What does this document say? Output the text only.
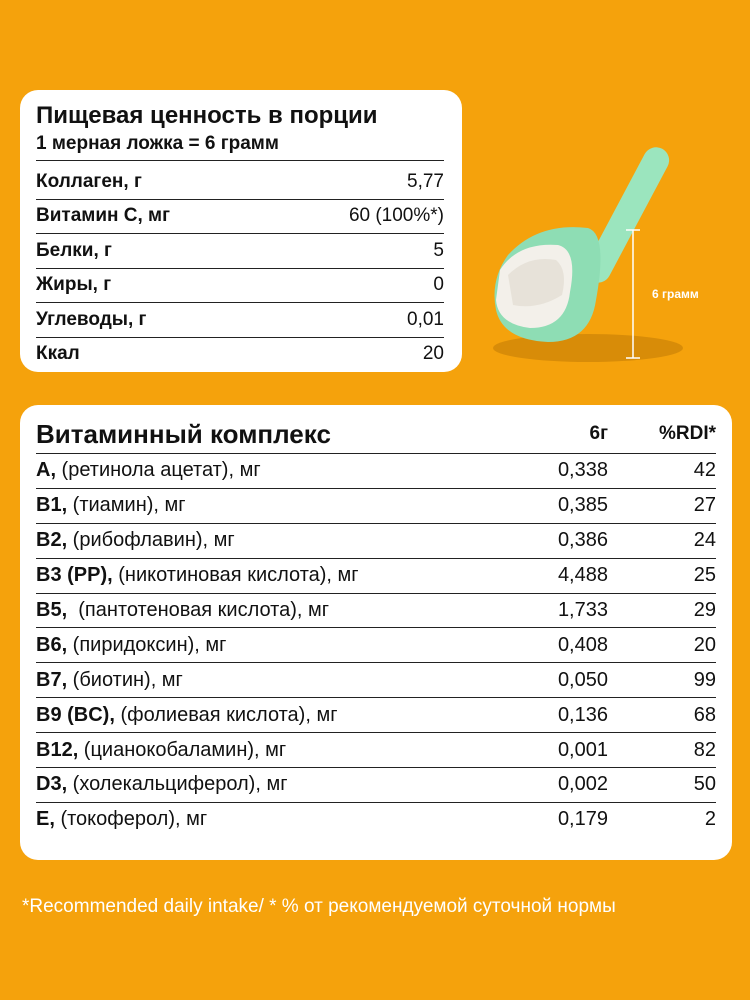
Пищевая ценность в порции
1 мерная ложка = 6 грамм
Коллаген, г	5,77
Витамин С, мг	60 (100%*)
Белки, г	5
Жиры, г	0
Углеводы, г	0,01
Ккал	20
6 грамм
Витаминный комплекс	6г	%RDI*
A, (ретинола ацетат), мг	0,338	42
B1, (тиамин), мг	0,385	27
B2, (рибофлавин), мг	0,386	24
B3 (PP), (никотиновая кислота), мг	4,488	25
B5,  (пантотеновая кислота), мг	1,733	29
B6, (пиридоксин), мг	0,408	20
B7, (биотин), мг	0,050	99
B9 (BC), (фолиевая кислота), мг	0,136	68
B12, (цианокобаламин), мг	0,001	82
D3, (холекальциферол), мг	0,002	50
E, (токоферол), мг	0,179	2
*Recommended daily intake/ * % от рекомендуемой суточной нормы
